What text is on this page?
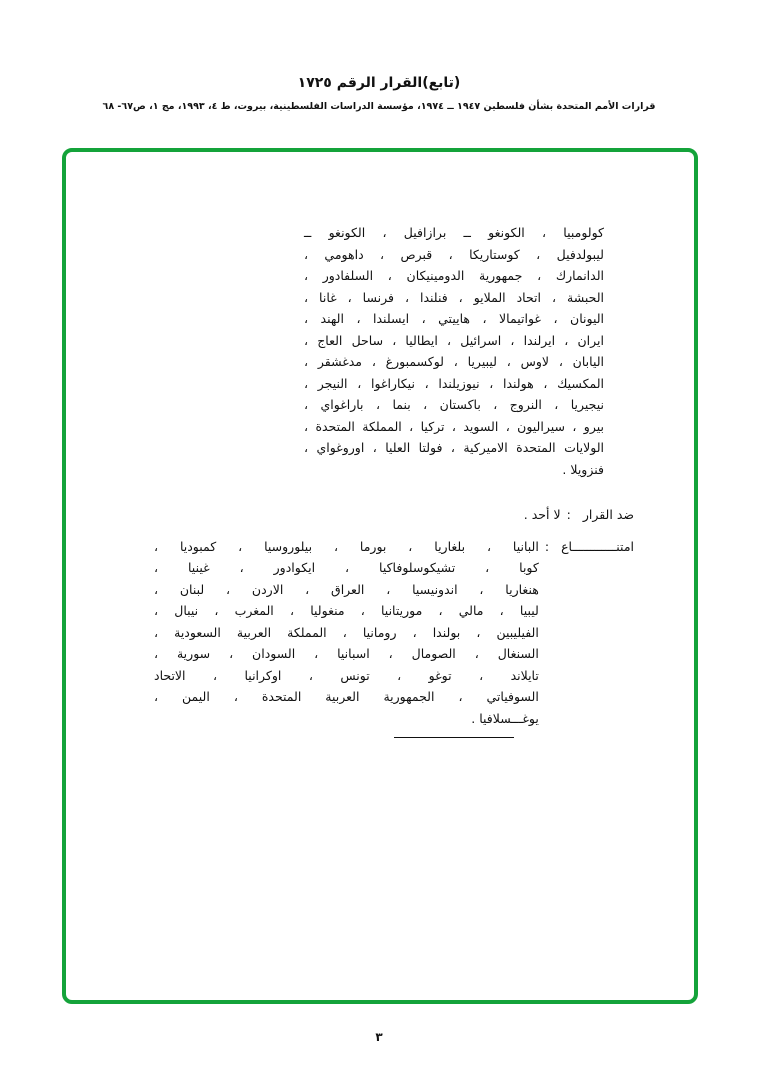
(تابع)القرار الرقم ١٧٢٥
قرارات الأمم المتحدة بشأن فلسطين ١٩٤٧ ــ ١٩٧٤، مؤسسة الدراسات الفلسطينية، بيروت، ط ٤، ١٩٩٣، مج ١، ص٦٧- ٦٨
كولومبيا ، الكونغو ــ برازافيل ، الكونغو ــ
ليبولدفيل ، كوستاريكا ، قبرص ، داهومي ،
الدانمارك ، جمهورية الدومينيكان ، السلفادور ،
الحبشة ، اتحاد الملايو ، فنلندا ، فرنسا ، غانا ،
اليونان ، غواتيمالا ، هاييتي ، ايسلندا ، الهند ،
ايران ، ايرلندا ، اسرائيل ، ايطاليا ، ساحل العاج ،
اليابان ، لاوس ، ليبيريا ، لوكسمبورغ ، مدغشقر ،
المكسيك ، هولندا ، نيوزيلندا ، نيكاراغوا ، النيجر ،
نيجيريا ، النروج ، باكستان ، بنما ، باراغواي ،
بيرو ، سيراليون ، السويد ، تركيا ، المملكة المتحدة ،
الولايات المتحدة الاميركية ، فولتا العليا ، اوروغواي ،
فنزويلا .
ضد القرار
:
لا أحد .
امتنــــــــــــاع
:
البانيا ، بلغاريا ، بورما ، بيلوروسيا ، كمبوديا ،
كوبا ، تشيكوسلوفاكيا ، ايكوادور ، غينيا ،
هنغاريا ، اندونيسيا ، العراق ، الاردن ، لبنان ،
ليبيا ، مالي ، موريتانيا ، منغوليا ، المغرب ، نيبال ،
الفيليبين ، بولندا ، رومانيا ، المملكة العربية السعودية ،
السنغال ، الصومال ، اسبانيا ، السودان ، سورية ،
تايلاند ، توغو ، تونس ، اوكرانيا ، الاتحاد
السوفياتي ، الجمهورية العربية المتحدة ، اليمن ،
يوغـــسلافيا .
٣
